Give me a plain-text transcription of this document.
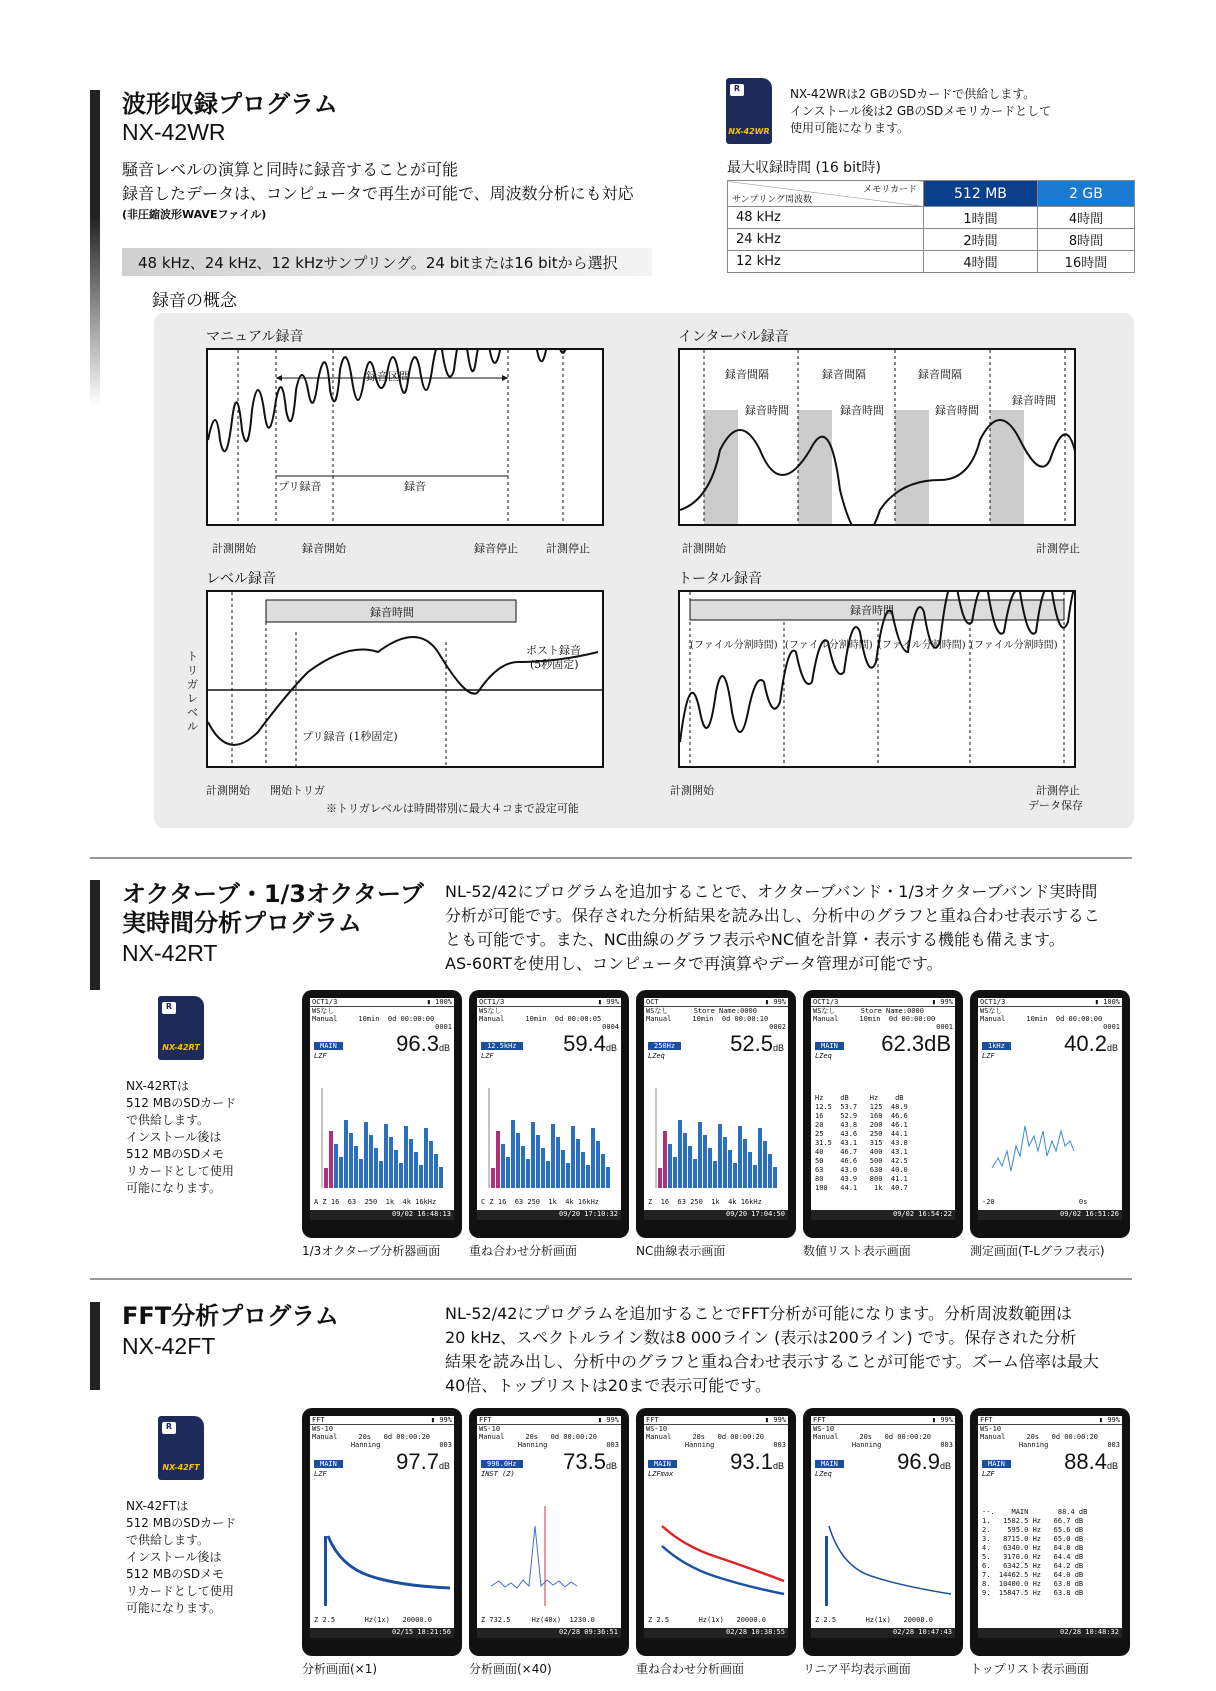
波形収録プログラム
NX-42WR
騒音レベルの演算と同時に録音することが可能
録音したデータは、コンピュータで再生が可能で、周波数分析にも対応
(非圧縮波形WAVEファイル)
48 kHz、24 kHz、12 kHzサンプリング。24 bitまたは16 bitから選択
録音の概念
R
NX-42WR
NX-42WRは2 GBのSDカードで供給します。
インストール後は2 GBのSDメモリカードとして
使用可能になります。
最大収録時間 (16 bit時)
メモリカード
サンプリング周波数	512 MB	2 GB
48 kHz	1時間	4時間
24 kHz	2時間	8時間
12 kHz	4時間	16時間
マニュアル録音
録音区間
プリ録音	録音
計測開始	録音開始	録音停止	計測停止
インターバル録音
録音間隔	録音間隔	録音間隔
録音時間	録音時間	録音時間
録音時間
計測開始	計測停止
レベル録音
録音時間
ポスト録音
(5秒固定)
プリ録音 (1秒固定)
トリガレベル
計測開始 開始トリガ
※トリガレベルは時間帯別に最大４コまで設定可能
トータル録音
録音時間
(ファイル分割時間) (ファイル分割時間) (ファイル分割時間) (ファイル分割時間)
計測開始	計測停止
データ保存
オクターブ・1/3オクターブ
実時間分析プログラム
NX-42RT
NL-52/42にプログラムを追加することで、オクターブバンド・1/3オクターブバンド実時間
分析が可能です。保存された分析結果を読み出し、分析中のグラフと重ね合わせ表示するこ
とも可能です。また、NC曲線のグラフ表示やNC値を計算・表示する機能も備えます。
AS-60RTを使用し、コンピュータで再演算やデータ管理が可能です。
R
NX-42RT
NX-42RTは
512 MBのSDカード
で供給します。
インストール後は
512 MBのSDメモ
リカードとして使用
可能になります。
OCT1/3	▮ 100%
WSなし
Manual     10min  0d 00:00:00
0001
MAIN
LZF	96.3dB
A Z 16  63  250  1k  4k 16kHz
09/02 16:48:13
1/3オクターブ分析器画面
OCT1/3	▮ 99%
WSなし
Manual     10min  0d 00:00:05
0004
12.5kHz
LZF	59.4dB
C Z 16  63 250  1k  4k 16kHz
09/20 17:10:32
重ね合わせ分析画面
OCT	▮ 99%
WSなし      Store Name:0000
Manual     10min  0d 00:00:10
0002
250Hz
LZeq	52.5dB
Z  16  63 250  1k  4k 16kHz
09/20 17:04:50
NC曲線表示画面
OCT1/3	▮ 99%
WSなし      Store Name:0000
Manual     10min  0d 00:00:00
0001
MAIN
LZeq 62.3dB
Hz    dB     Hz    dB
12.5  53.7   125  48.9
16    52.9   160  46.6
20    43.8   200  46.1
25    43.6   250  44.1
31.5  43.1   315  43.8
40    46.7   400  43.1
50    46.6   500  42.5
63    43.0   630  40.0
80    43.9   800  41.1
100   44.1    1k  40.7
09/02 16:54:22
数値リスト表示画面
OCT1/3	▮ 100%
WSなし
Manual     10min  0d 00:00:00
0001
1kHz
LZF	40.2dB
-20                    0s
09/02 16:51:26
測定画面(T-Lグラフ表示)
FFT分析プログラム
NX-42FT
NL-52/42にプログラムを追加することでFFT分析が可能になります。分析周波数範囲は
20 kHz、スペクトルライン数は8 000ライン (表示は200ライン) です。保存された分析
結果を読み出し、分析中のグラフと重ね合わせ表示することが可能です。ズーム倍率は最大
40倍、トップリストは20まで表示可能です。
R
NX-42FT
NX-42FTは
512 MBのSDカード
で供給します。
インストール後は
512 MBのSDメモ
リカードとして使用
可能になります。
FFT	▮ 99%
WS-10
Manual     20s   0d 00:00:20
Hanning              003
MAIN
LZF	97.7dB
Z 2.5       Hz(1x)   20000.0
02/15 18:21:56
分析画面(×1)
FFT	▮ 99%
WS-10
Manual     20s   0d 00:00:20
Hanning              003
996.0Hz
INST (Z) 73.5dB
Z 732.5     Hz(40x)  1230.0
02/28 09:36:51
分析画面(×40)
FFT	▮ 99%
WS-10
Manual     20s   0d 00:00:20
Hanning              003
MAIN
LZFmax	93.1dB
Z 2.5       Hz(1x)   20000.0
02/28 10:38:55
重ね合わせ分析画面
FFT	▮ 99%
WS-10
Manual     20s   0d 00:00:20
Hanning              003
MAIN
LZeq	96.9dB
Z 2.5       Hz(1x)   20000.0
02/28 10:47:43
リニア平均表示画面
FFT	▮ 99%
WS-10
Manual     20s   0d 00:00:20
Hanning              003
MAIN
LZF	88.4dB
--.    MAIN       88.4 dB
1.   1582.5 Hz   66.7 dB
2.    595.0 Hz   65.6 dB
3.   8715.0 Hz   65.0 dB
4.   6340.0 Hz   64.8 dB
5.   3170.0 Hz   64.4 dB
6.   6342.5 Hz   64.2 dB
7.  14462.5 Hz   64.0 dB
8.  10400.0 Hz   63.8 dB
9.  15847.5 Hz   63.8 dB
02/28 10:48:32
トップリスト表示画面
